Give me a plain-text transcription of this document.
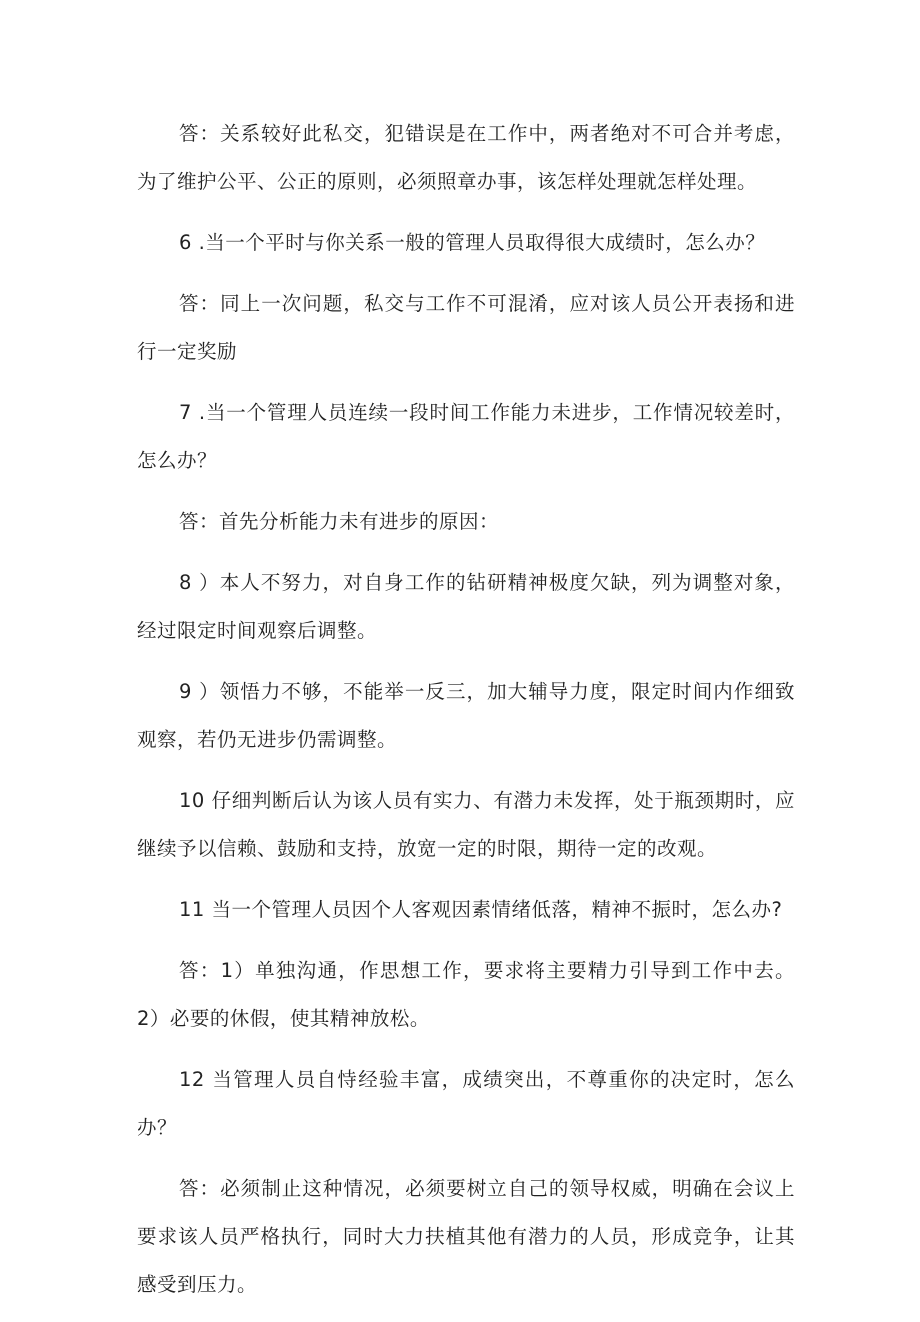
答：关系较好此私交，犯错误是在工作中，两者绝对不可合并考虑，为了维护公平、公正的原则，必须照章办事，该怎样处理就怎样处理。

6 .当一个平时与你关系一般的管理人员取得很大成绩时，怎么办？

答：同上一次问题，私交与工作不可混淆，应对该人员公开表扬和进行一定奖励

7 .当一个管理人员连续一段时间工作能力未进步，工作情况较差时，怎么办？

答：首先分析能力未有进步的原因：

8 ）本人不努力，对自身工作的钻研精神极度欠缺，列为调整对象，经过限定时间观察后调整。

9 ）领悟力不够，不能举一反三，加大辅导力度，限定时间内作细致观察，若仍无进步仍需调整。

10 仔细判断后认为该人员有实力、有潜力未发挥，处于瓶颈期时，应继续予以信赖、鼓励和支持，放宽一定的时限，期待一定的改观。

11 当一个管理人员因个人客观因素情绪低落，精神不振时，怎么办?

答：1）单独沟通，作思想工作，要求将主要精力引导到工作中去。2）必要的休假，使其精神放松。

12 当管理人员自恃经验丰富，成绩突出，不尊重你的决定时，怎么办？

答：必须制止这种情况，必须要树立自己的领导权威，明确在会议上要求该人员严格执行，同时大力扶植其他有潜力的人员，形成竞争，让其感受到压力。
